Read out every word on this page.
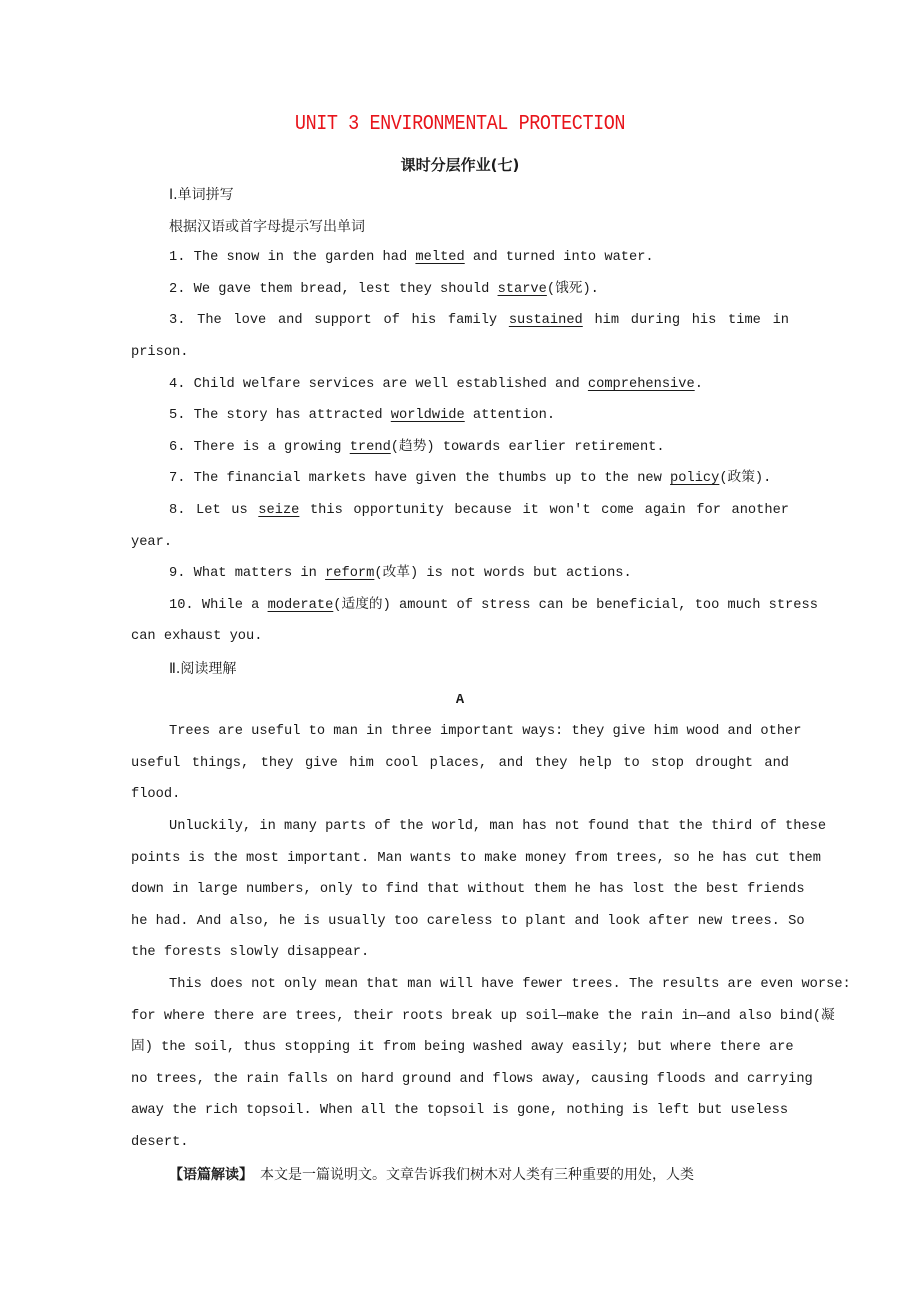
UNIT 3 ENVIRONMENTAL PROTECTION
课时分层作业(七)
Ⅰ.单词拼写
根据汉语或首字母提示写出单词
1. The snow in the garden had melted and turned into water.
2. We gave them bread, lest they should starve(饿死).
3. The love and support of his family sustained him during his time in
prison.
4. Child welfare services are well established and comprehensive.
5. The story has attracted worldwide attention.
6. There is a growing trend(趋势) towards earlier retirement.
7. The financial markets have given the thumbs up to the new policy(政策).
8. Let us seize this opportunity because it won't come again for another
year.
9. What matters in reform(改革) is not words but actions.
10. While a moderate(适度的) amount of stress can be beneficial, too much stress
can exhaust you.
Ⅱ.阅读理解
A
Trees are useful to man in three important ways: they give him wood and other
useful things, they give him cool places, and they help to stop drought and
flood.
Unluckily, in many parts of the world, man has not found that the third of these
points is the most important. Man wants to make money from trees, so he has cut them
down in large numbers, only to find that without them he has lost the best friends
he had. And also, he is usually too careless to plant and look after new trees. So
the forests slowly disappear.
This does not only mean that man will have fewer trees. The results are even worse:
for where there are trees, their roots break up soil—make the rain in—and also bind(凝
固) the soil, thus stopping it from being washed away easily; but where there are
no trees, the rain falls on hard ground and flows away, causing floods and carrying
away the rich topsoil. When all the topsoil is gone, nothing is left but useless
desert.
【语篇解读】　本文是一篇说明文。文章告诉我们树木对人类有三种重要的用处，人类
